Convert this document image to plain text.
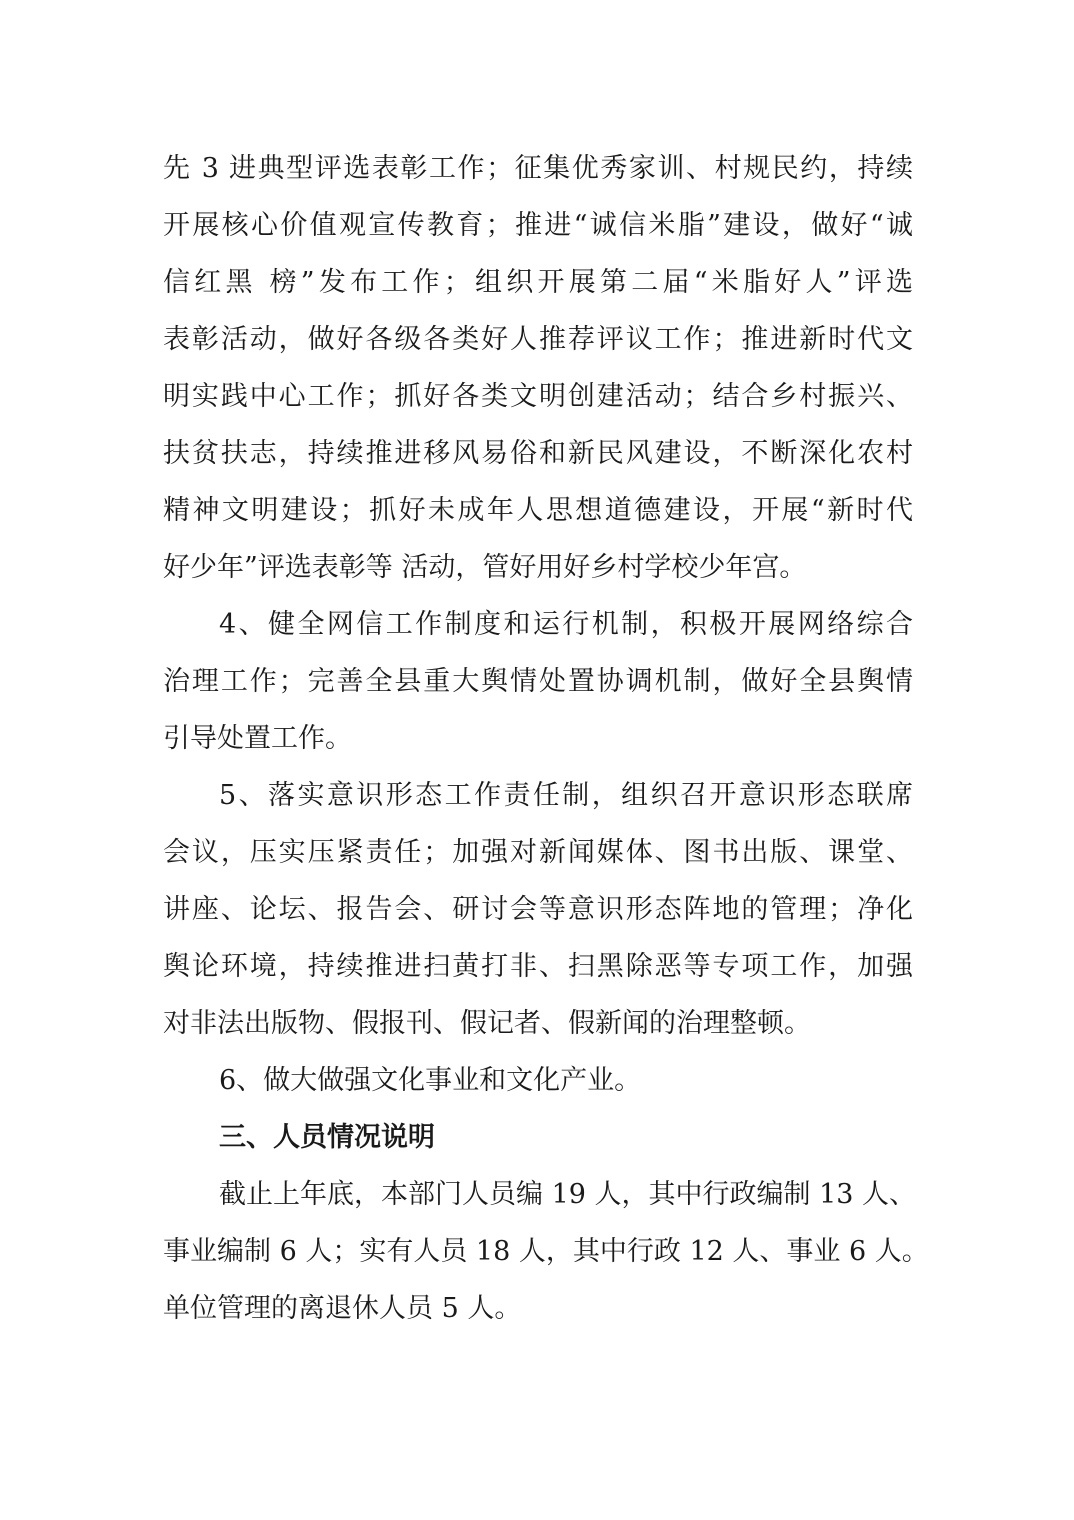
先 3 进典型评选表彰工作；征集优秀家训、村规民约，持续
开展核心价值观宣传教育；推进“诚信米脂”建设，做好“诚
信红黑 榜”发布工作；组织开展第二届“米脂好人”评选
表彰活动，做好各级各类好人推荐评议工作；推进新时代文
明实践中心工作；抓好各类文明创建活动；结合乡村振兴、
扶贫扶志，持续推进移风易俗和新民风建设，不断深化农村
精神文明建设；抓好未成年人思想道德建设，开展“新时代
好少年”评选表彰等 活动，管好用好乡村学校少年宫。
4、健全网信工作制度和运行机制，积极开展网络综合
治理工作；完善全县重大舆情处置协调机制，做好全县舆情
引导处置工作。
5、落实意识形态工作责任制，组织召开意识形态联席
会议，压实压紧责任；加强对新闻媒体、图书出版、课堂、
讲座、论坛、报告会、研讨会等意识形态阵地的管理；净化
舆论环境，持续推进扫黄打非、扫黑除恶等专项工作，加强
对非法出版物、假报刊、假记者、假新闻的治理整顿。
6、做大做强文化事业和文化产业。
三、人员情况说明
截止上年底，本部门人员编 19 人，其中行政编制 13 人、
事业编制 6 人；实有人员 18 人，其中行政 12 人、事业 6 人。
单位管理的离退休人员 5 人。
